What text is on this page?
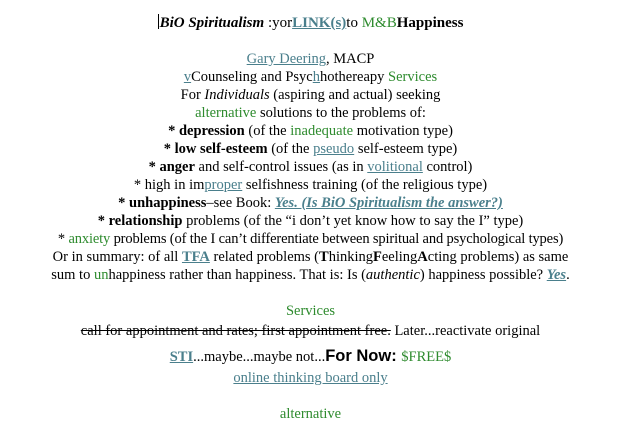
BiO Spiritualism :yorLINK(s)to M&BHappiness
Gary Deering, MACP
vCounseling and Psychhothereapy Services
For Individuals (aspiring and actual) seeking
alternative solutions to the problems of:
* depression (of the inadequate motivation type)
* low self-esteem (of the pseudo self-esteem type)
* anger and self-control issues (as in volitional control)
* high in improper selfishness training (of the religious type)
* unhappiness–see Book: Yes. (Is BiO Spiritualism the answer?)
* relationship problems (of the “i don’t yet know how to say the I” type)
* anxiety problems (of the I can’t differentiate between spiritual and psychological types)
Or in summary: of all TFA related problems (ThinkingFeelingActing problems) as same
sum to unhappiness rather than happiness. That is: Is (authentic) happiness possible? Yes.
Services
call for appointment and rates; first appointment free. Later...reactivate original
STI...maybe...maybe not...For Now: $FREE$
online thinking board only
alternative
